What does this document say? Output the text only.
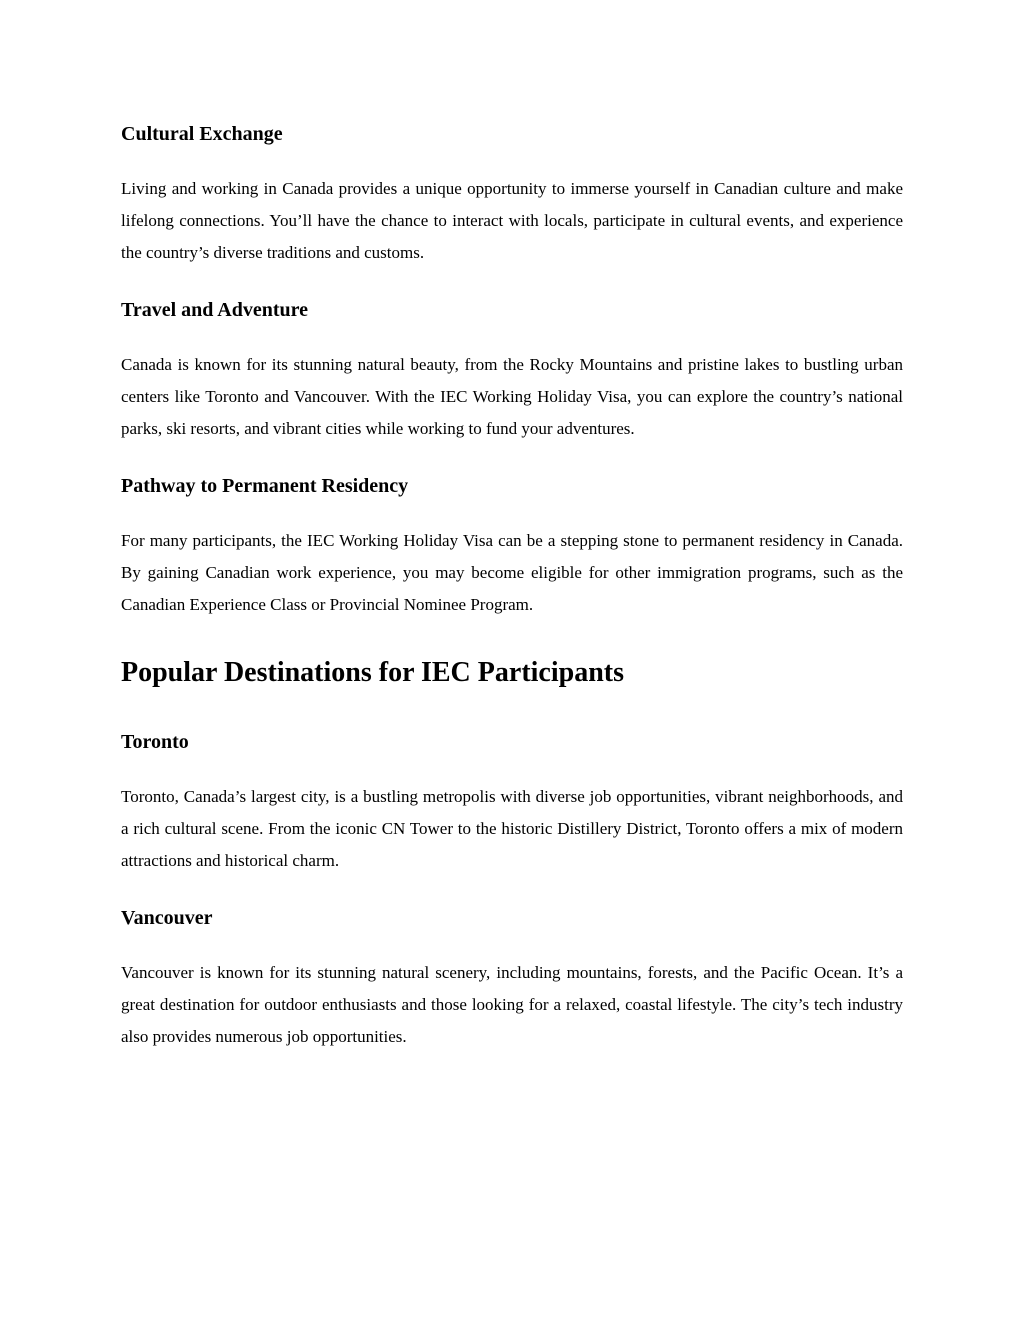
Cultural Exchange

Living and working in Canada provides a unique opportunity to immerse yourself in Canadian culture and make lifelong connections. You’ll have the chance to interact with locals, participate in cultural events, and experience the country’s diverse traditions and customs.

Travel and Adventure

Canada is known for its stunning natural beauty, from the Rocky Mountains and pristine lakes to bustling urban centers like Toronto and Vancouver. With the IEC Working Holiday Visa, you can explore the country’s national parks, ski resorts, and vibrant cities while working to fund your adventures.

Pathway to Permanent Residency

For many participants, the IEC Working Holiday Visa can be a stepping stone to permanent residency in Canada. By gaining Canadian work experience, you may become eligible for other immigration programs, such as the Canadian Experience Class or Provincial Nominee Program.

Popular Destinations for IEC Participants
Toronto

Toronto, Canada’s largest city, is a bustling metropolis with diverse job opportunities, vibrant neighborhoods, and a rich cultural scene. From the iconic CN Tower to the historic Distillery District, Toronto offers a mix of modern attractions and historical charm.

Vancouver

Vancouver is known for its stunning natural scenery, including mountains, forests, and the Pacific Ocean. It’s a great destination for outdoor enthusiasts and those looking for a relaxed, coastal lifestyle. The city’s tech industry also provides numerous job opportunities.
